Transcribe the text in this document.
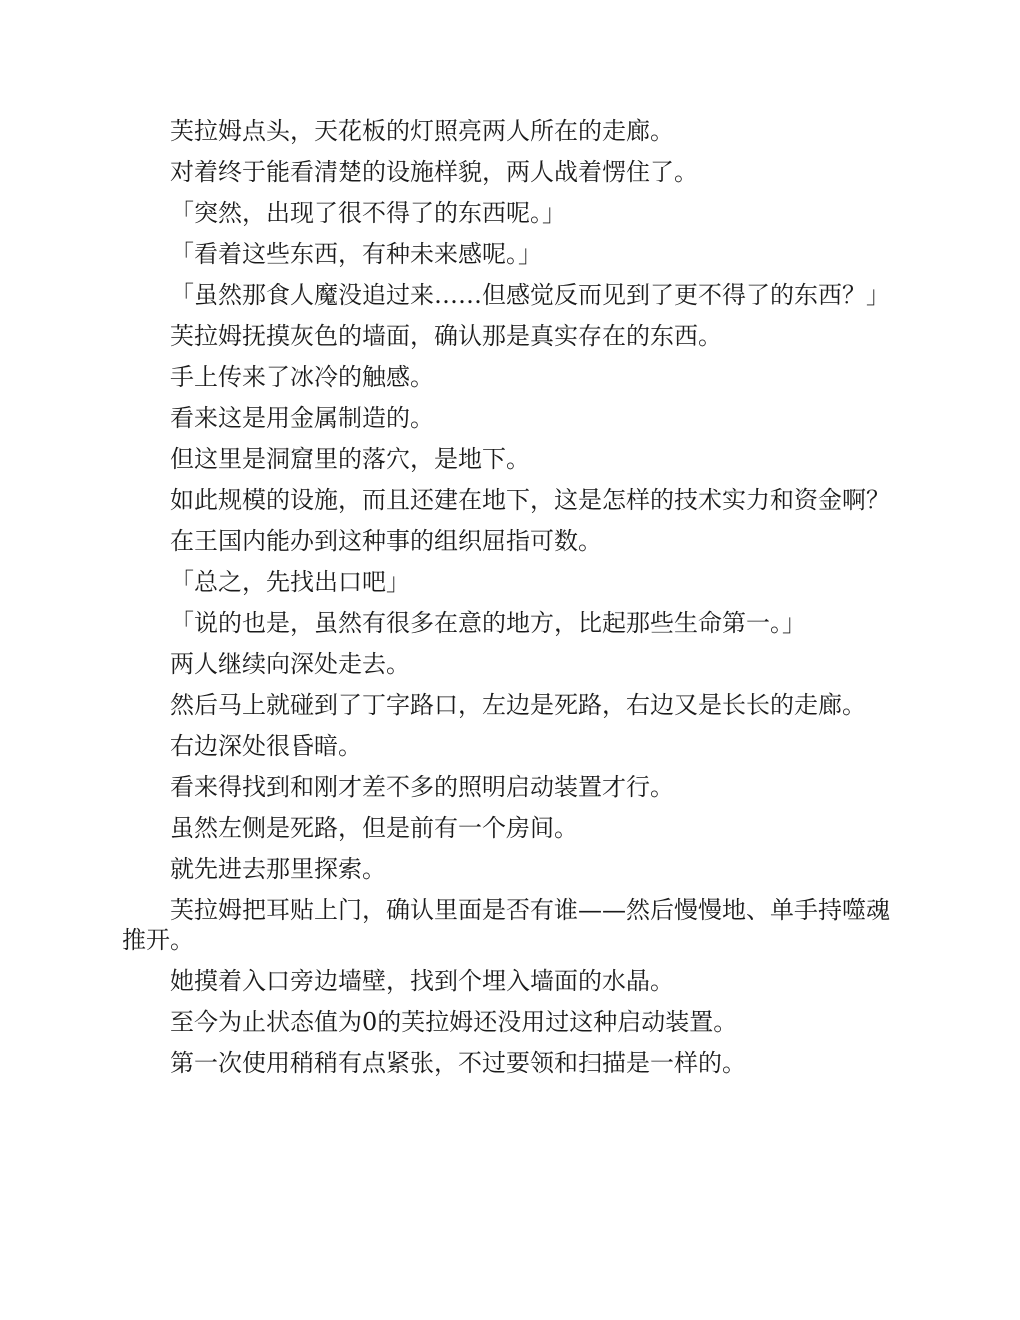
芙拉姆点头，天花板的灯照亮两人所在的走廊。

对着终于能看清楚的设施样貌，两人战着愣住了。

「突然，出现了很不得了的东西呢。」

「看着这些东西，有种未来感呢。」

「虽然那食人魔没追过来……但感觉反而见到了更不得了的东西？」

芙拉姆抚摸灰色的墙面，确认那是真实存在的东西。

手上传来了冰冷的触感。

看来这是用金属制造的。

但这里是洞窟里的落穴，是地下。

如此规模的设施，而且还建在地下，这是怎样的技术实力和资金啊？

在王国内能办到这种事的组织屈指可数。

「总之，先找出口吧」

「说的也是，虽然有很多在意的地方，比起那些生命第一。」

两人继续向深处走去。

然后马上就碰到了丁字路口，左边是死路，右边又是长长的走廊。

右边深处很昏暗。

看来得找到和刚才差不多的照明启动装置才行。

虽然左侧是死路，但是前有一个房间。

就先进去那里探索。

芙拉姆把耳贴上门，确认里面是否有谁——然后慢慢地、单手持噬魂推开。

她摸着入口旁边墙壁，找到个埋入墙面的水晶。

至今为止状态值为0的芙拉姆还没用过这种启动装置。

第一次使用稍稍有点紧张，不过要领和扫描是一样的。
